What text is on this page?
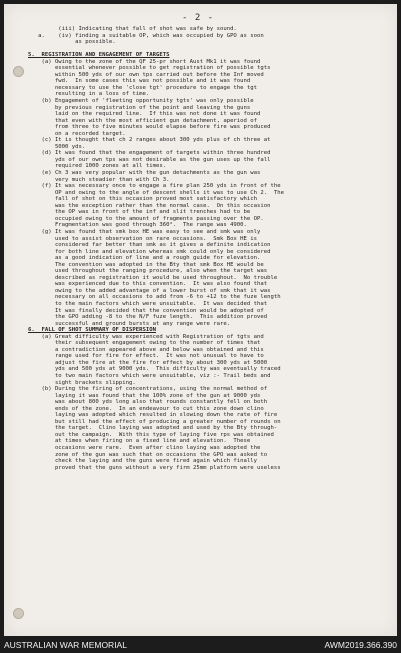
- 2 -
(iii) Indicating that fall of shot was safe by sound.
a.    (iv) finding a suitable OP, which was occupied by GPO as soon
as possible.
5.  REGISTRATION AND ENGAGEMENT OF TARGETS
(a) Owing to the zone of the QF 25-pr short Aust Mk1 it was found
essential whenever possible to get registration of possible tgts
within 500 yds of our own tps carried out before the Inf moved
fwd.  In some cases this was not possible and it was found
necessary to use the 'close tgt' procedure to engage the tgt
resulting in a loss of time.
(b) Engagement of 'fleeting opportunity tgts' was only possible
by previous registration of the point and leaving the guns
laid on the required line.  If this was not done it was found
that even with the most efficient gun detachment, aperiod of
from three to five minutes would elapse before fire was produced
on a recorded target.
(c) It is thought that ch 2 ranges about 300 yds plus of ch three at
5000 yds.
(d) It was found that the engagement of targets within three hundred
yds of our own tps was not desirable as the gun uses up the fall
required 1000 zones at all times.
(e) Ch 3 was very popular with the gun detachments as the gun was
very much steadier than with Ch 3.
(f) It was necessary once to engage a fire plan 250 yds in front of the
OP and owing to the angle of descent shells it was to use Ch 2.  The
fall of shot on this occasion proved most satisfactory which
was the exception rather than the normal case.  On this occasion
the OP was in front of the inf and slit trenches had to be
occupied owing to the amount of fragments passing over the OP.
Fragmentation was good through 360°.  The range was 4900.
(g) It was found that smk box HE was easy to see and smk was only
used to assist observation on rare occasions.  Smk Box HE is
considered far better than smk as it gives a definite indication
for both line and elevation whereas smk could only be considered
as a good indication of line and a rough guide for elevation.
The convention was adopted in the Bty that smk Box HE would be
used throughout the ranging procedure, also when the target was
described as registration it would be used throughout.  No trouble
was experienced due to this convention.  It was also found that
owing to the added advantage of a lower burst of smk that it was
necessary on all occasions to add from -6 to +12 to the fuze length
to the main factors which were unsuitable.  It was decided that
It was finally decided that the convention would be adopted of
the GPO adding -8 to the N/F fuze length.  This addition proved
successful and ground bursts at any range were rare.
6.  FALL OF SHOT SUMMARY OF DISPERSION
(a) Great difficulty was experienced with Registration of tgts and
their subsequent engagement owing to the number of times that
a contradiction appeared above and below was obtained and this
range used for fire for effect.  It was not unusual to have to
adjust the fire at the fire for effect by about 300 yds at 5000
yds and 500 yds at 9000 yds.  This difficulty was eventually traced
to two main factors which were unsuitable, viz :- Trail beds and
sight brackets slipping.
(b) During the firing of concentrations, using the normal method of
laying it was found that the 100% zone of the gun at 9000 yds
was about 800 yds long also that rounds constantly fell on both
ends of the zone.  In an endeavour to cut this zone down clino
laying was adopted which resulted in slowing down the rate of fire
but still had the effect of producing a greater number of rounds on
the target.  Clino laying was adopted and used by the Bty through-
out the campaign.  With this type of laying five rps was obtained
at times when firing on a fixed line and elevation.  These
occasions were rare.  Even after clino laying was adopted the
zone of the gun was such that on occasions the GPO was asked to
check the laying and the guns were fired again which finally
proved that the guns without a very firm 25mm platform were useless
AUSTRALIAN WAR MEMORIAL	AWM2019.366.390
